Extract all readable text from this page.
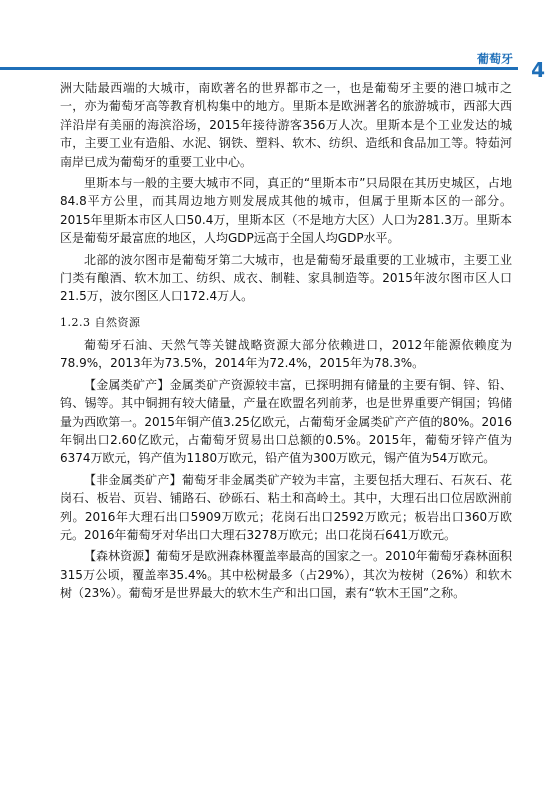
葡萄牙 4

洲大陆最西端的大城市，南欧著名的世界都市之一，也是葡萄牙主要的港口城市之一，亦为葡萄牙高等教育机构集中的地方。里斯本是欧洲著名的旅游城市，西部大西洋沿岸有美丽的海滨浴场，2015年接待游客356万人次。里斯本是个工业发达的城市，主要工业有造船、水泥、钢铁、塑料、软木、纺织、造纸和食品加工等。特茹河南岸已成为葡萄牙的重要工业中心。

里斯本与一般的主要大城市不同，真正的“里斯本市”只局限在其历史城区，占地84.8平方公里，而其周边地方则发展成其他的城市，但属于里斯本区的一部分。2015年里斯本市区人口50.4万，里斯本区（不是地方大区）人口为281.3万。里斯本区是葡萄牙最富庶的地区，人均GDP远高于全国人均GDP水平。

北部的波尔图市是葡萄牙第二大城市，也是葡萄牙最重要的工业城市，主要工业门类有酿酒、软木加工、纺织、成衣、制鞋、家具制造等。2015年波尔图市区人口21.5万，波尔图区人口172.4万人。

1.2.3 自然资源

葡萄牙石油、天然气等关键战略资源大部分依赖进口，2012年能源依赖度为78.9%，2013年为73.5%，2014年为72.4%，2015年为78.3%。

【金属类矿产】金属类矿产资源较丰富，已探明拥有储量的主要有铜、锌、铅、钨、锡等。其中铜拥有较大储量，产量在欧盟名列前茅，也是世界重要产铜国；钨储量为西欧第一。2015年铜产值3.25亿欧元，占葡萄牙金属类矿产产值的80%。2016年铜出口2.60亿欧元，占葡萄牙贸易出口总额的0.5%。2015年，葡萄牙锌产值为6374万欧元，钨产值为1180万欧元，铅产值为300万欧元，锡产值为54万欧元。

【非金属类矿产】葡萄牙非金属类矿产较为丰富，主要包括大理石、石灰石、花岗石、板岩、页岩、铺路石、砂砾石、粘土和高岭土。其中，大理石出口位居欧洲前列。2016年大理石出口5909万欧元；花岗石出口2592万欧元；板岩出口360万欧元。2016年葡萄牙对华出口大理石3278万欧元；出口花岗石641万欧元。

【森林资源】葡萄牙是欧洲森林覆盖率最高的国家之一。2010年葡萄牙森林面积315万公顷，覆盖率35.4%。其中松树最多（占29%），其次为桉树（26%）和软木树（23%）。葡萄牙是世界最大的软木生产和出口国，素有“软木王国”之称。
